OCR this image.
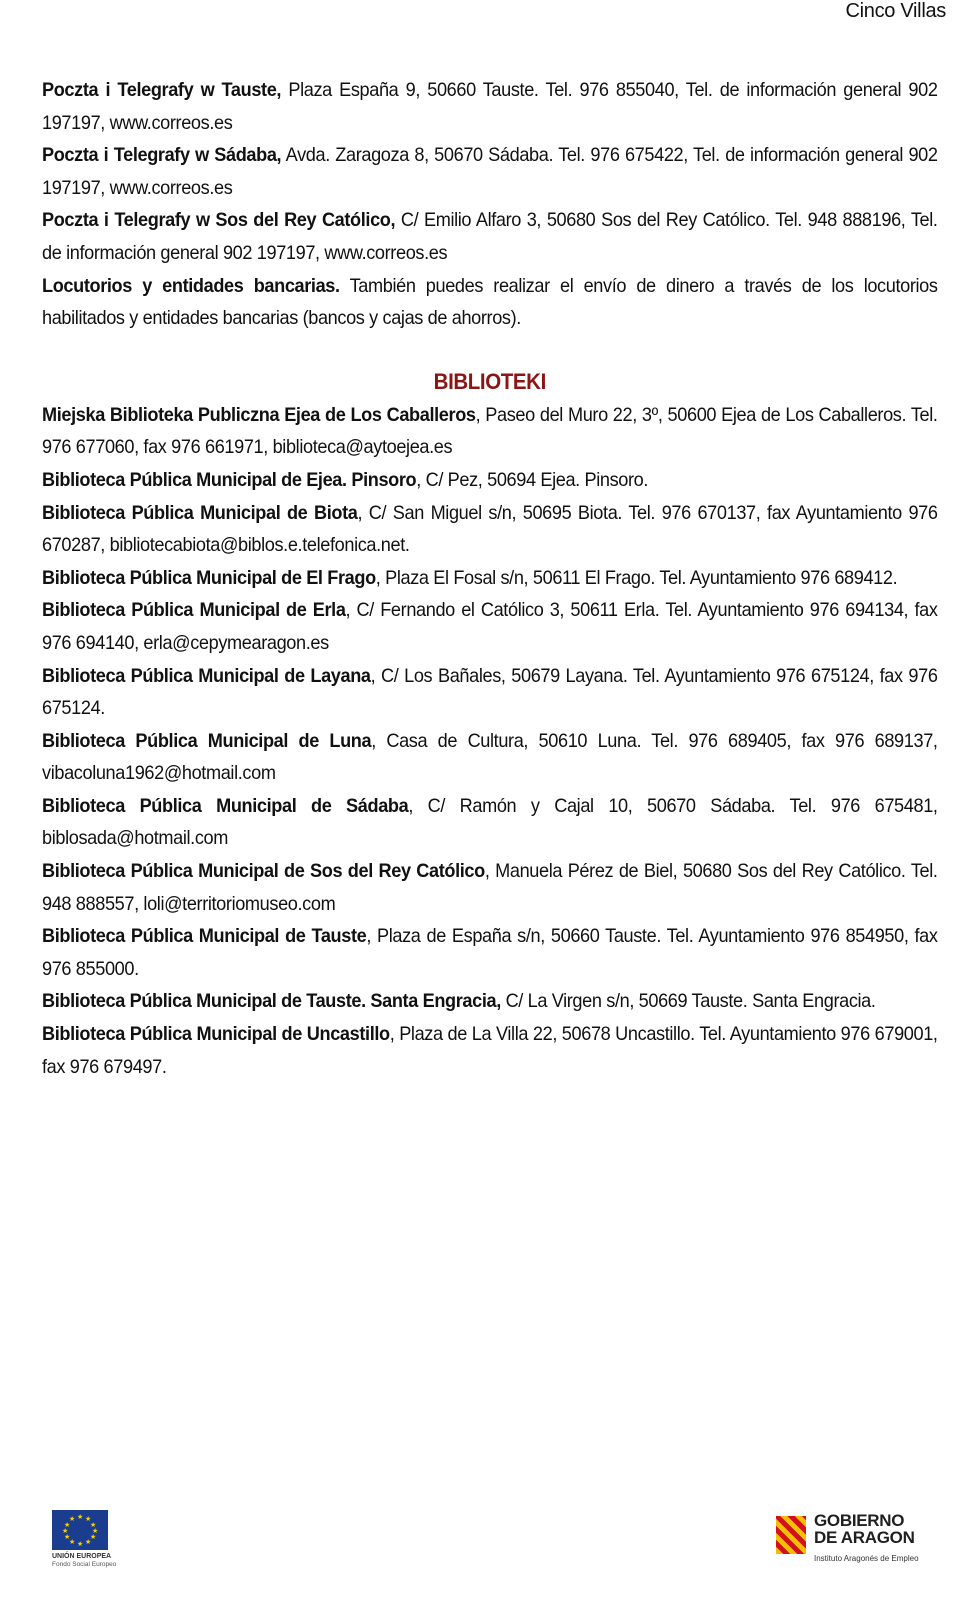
Cinco Villas

Poczta i Telegrafy w Tauste, Plaza España 9, 50660 Tauste. Tel. 976 855040, Tel. de información general 902 197197, www.correos.es

Poczta i Telegrafy w Sádaba, Avda. Zaragoza 8, 50670 Sádaba. Tel. 976 675422, Tel. de información general 902 197197, www.correos.es

Poczta i Telegrafy w Sos del Rey Católico, C/ Emilio Alfaro 3, 50680 Sos del Rey Católico. Tel. 948 888196, Tel. de información general 902 197197, www.correos.es

Locutorios y entidades bancarias. También puedes realizar el envío de dinero a través de los locutorios habilitados y entidades bancarias (bancos y cajas de ahorros).

BIBLIOTEKI

Miejska Biblioteka Publiczna Ejea de Los Caballeros, Paseo del Muro 22, 3º, 50600 Ejea de Los Caballeros. Tel. 976 677060, fax 976 661971, biblioteca@aytoejea.es

Biblioteca Pública Municipal de Ejea. Pinsoro, C/ Pez, 50694 Ejea. Pinsoro.

Biblioteca Pública Municipal de Biota, C/ San Miguel s/n, 50695 Biota. Tel. 976 670137, fax Ayuntamiento 976 670287, bibliotecabiota@biblos.e.telefonica.net.

Biblioteca Pública Municipal de El Frago, Plaza El Fosal s/n, 50611 El Frago. Tel. Ayuntamiento 976 689412.

Biblioteca Pública Municipal de Erla, C/ Fernando el Católico 3, 50611 Erla. Tel. Ayuntamiento 976 694134, fax 976 694140, erla@cepymearagon.es

Biblioteca Pública Municipal de Layana, C/ Los Bañales, 50679 Layana. Tel. Ayuntamiento 976 675124, fax 976 675124.

Biblioteca Pública Municipal de Luna, Casa de Cultura, 50610 Luna. Tel. 976 689405, fax 976 689137, vibacoluna1962@hotmail.com

Biblioteca Pública Municipal de Sádaba, C/ Ramón y Cajal 10, 50670 Sádaba. Tel. 976 675481, biblosada@hotmail.com

Biblioteca Pública Municipal de Sos del Rey Católico, Manuela Pérez de Biel, 50680 Sos del Rey Católico. Tel. 948 888557, loli@territoriomuseo.com

Biblioteca Pública Municipal de Tauste, Plaza de España s/n, 50660 Tauste. Tel. Ayuntamiento 976 854950, fax 976 855000.

Biblioteca Pública Municipal de Tauste. Santa Engracia, C/ La Virgen s/n, 50669 Tauste. Santa Engracia.

Biblioteca Pública Municipal de Uncastillo, Plaza de La Villa 22, 50678 Uncastillo. Tel. Ayuntamiento 976 679001, fax 976 679497.

★ ★
★
★
★
★
★
★
★
★
★
★
UNIÓN EUROPEA
Fondo Social Europeo
GOBIERNO
DE ARAGON
Instituto Aragonés de Empleo
